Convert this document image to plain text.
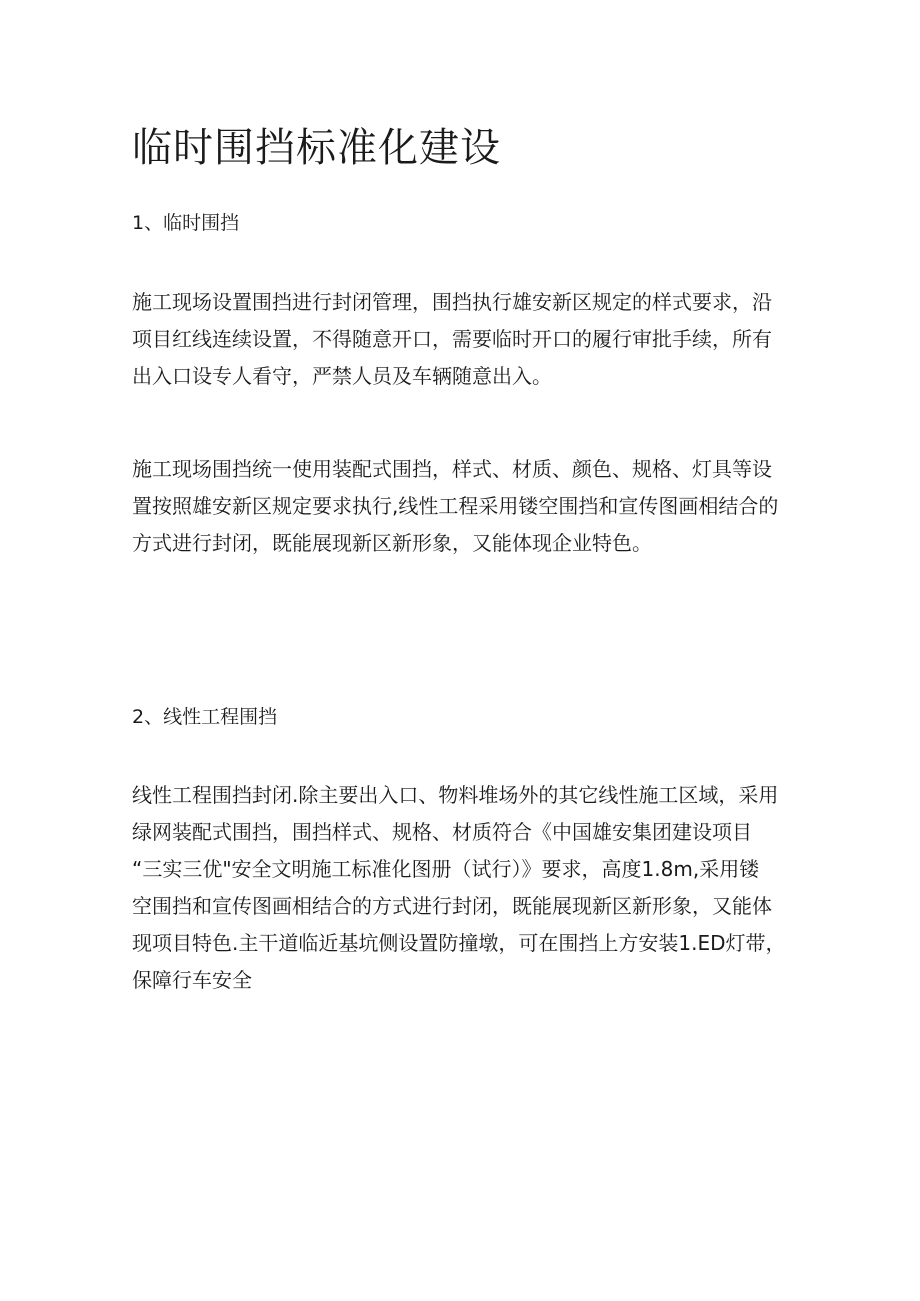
临时围挡标准化建设
1、临时围挡
施工现场设置围挡进行封闭管理，围挡执行雄安新区规定的样式要求，沿
项目红线连续设置，不得随意开口，需要临时开口的履行审批手续，所有
出入口设专人看守，严禁人员及车辆随意出入。
施工现场围挡统一使用装配式围挡，样式、材质、颜色、规格、灯具等设
置按照雄安新区规定要求执行,线性工程采用镂空围挡和宣传图画相结合的
方式进行封闭，既能展现新区新形象，又能体现企业特色。
2、线性工程围挡
线性工程围挡封闭.除主要出入口、物料堆场外的其它线性施工区域，采用
绿网装配式围挡，围挡样式、规格、材质符合《中国雄安集团建设项目
“三实三优"安全文明施工标准化图册（试行）》要求，高度1.8m,采用镂
空围挡和宣传图画相结合的方式进行封闭，既能展现新区新形象，又能体
现项目特色.主干道临近基坑侧设置防撞墩，可在围挡上方安装1.ED灯带，
保障行车安全
